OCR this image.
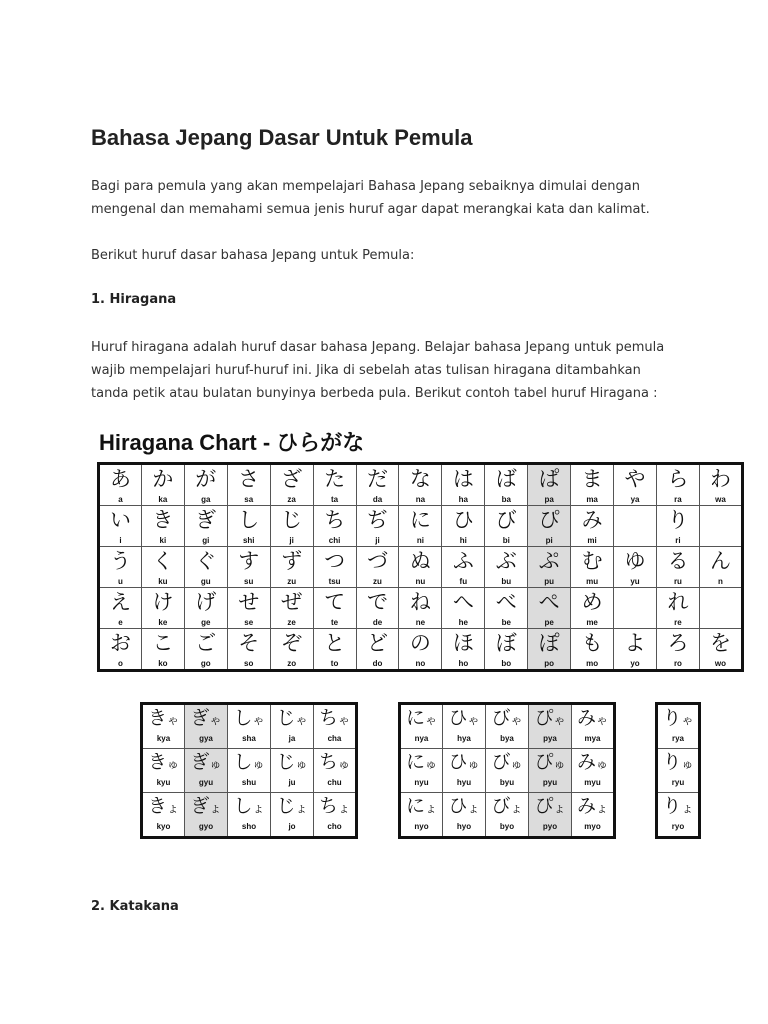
Bahasa Jepang Dasar Untuk Pemula
Bagi para pemula yang akan mempelajari Bahasa Jepang sebaiknya dimulai dengan
mengenal dan memahami semua jenis huruf agar dapat merangkai kata dan kalimat.
Berikut huruf dasar bahasa Jepang untuk Pemula:
1. Hiragana
Huruf hiragana adalah huruf dasar bahasa Jepang. Belajar bahasa Jepang untuk pemula
wajib mempelajari huruf-huruf ini. Jika di sebelah atas tulisan hiragana ditambahkan
tanda petik atau bulatan bunyinya berbeda pula. Berikut contoh tabel huruf Hiragana :
Hiragana Chart - ひらがな
あ
a	か
ka	が
ga	さ
sa	ざ
za	た
ta	だ
da	な
na	は
ha	ば
ba	ぱ
pa	ま
ma	や
ya	ら
ra	わ
wa

い
i	き
ki	ぎ
gi	し
shi	じ
ji	ち
chi	ぢ
ji	に
ni	ひ
hi	び
bi	ぴ
pi	み
mi		り
ri	

う
u	く
ku	ぐ
gu	す
su	ず
zu	つ
tsu	づ
zu	ぬ
nu	ふ
fu	ぶ
bu	ぷ
pu	む
mu	ゆ
yu	る
ru	ん
n

え
e	け
ke	げ
ge	せ
se	ぜ
ze	て
te	で
de	ね
ne	へ
he	べ
be	ぺ
pe	め
me		れ
re	

お
o	こ
ko	ご
go	そ
so	ぞ
zo	と
to	ど
do	の
no	ほ
ho	ぼ
bo	ぽ
po	も
mo	よ
yo	ろ
ro	を
wo
きゃ
kya	ぎゃ
gya	しゃ
sha	じゃ
ja	ちゃ
cha

きゅ
kyu	ぎゅ
gyu	しゅ
shu	じゅ
ju	ちゅ
chu

きょ
kyo	ぎょ
gyo	しょ
sho	じょ
jo	ちょ
cho
にゃ
nya	ひゃ
hya	びゃ
bya	ぴゃ
pya	みゃ
mya

にゅ
nyu	ひゅ
hyu	びゅ
byu	ぴゅ
pyu	みゅ
myu

にょ
nyo	ひょ
hyo	びょ
byo	ぴょ
pyo	みょ
myo
りゃ
rya

りゅ
ryu

りょ
ryo
2. Katakana
